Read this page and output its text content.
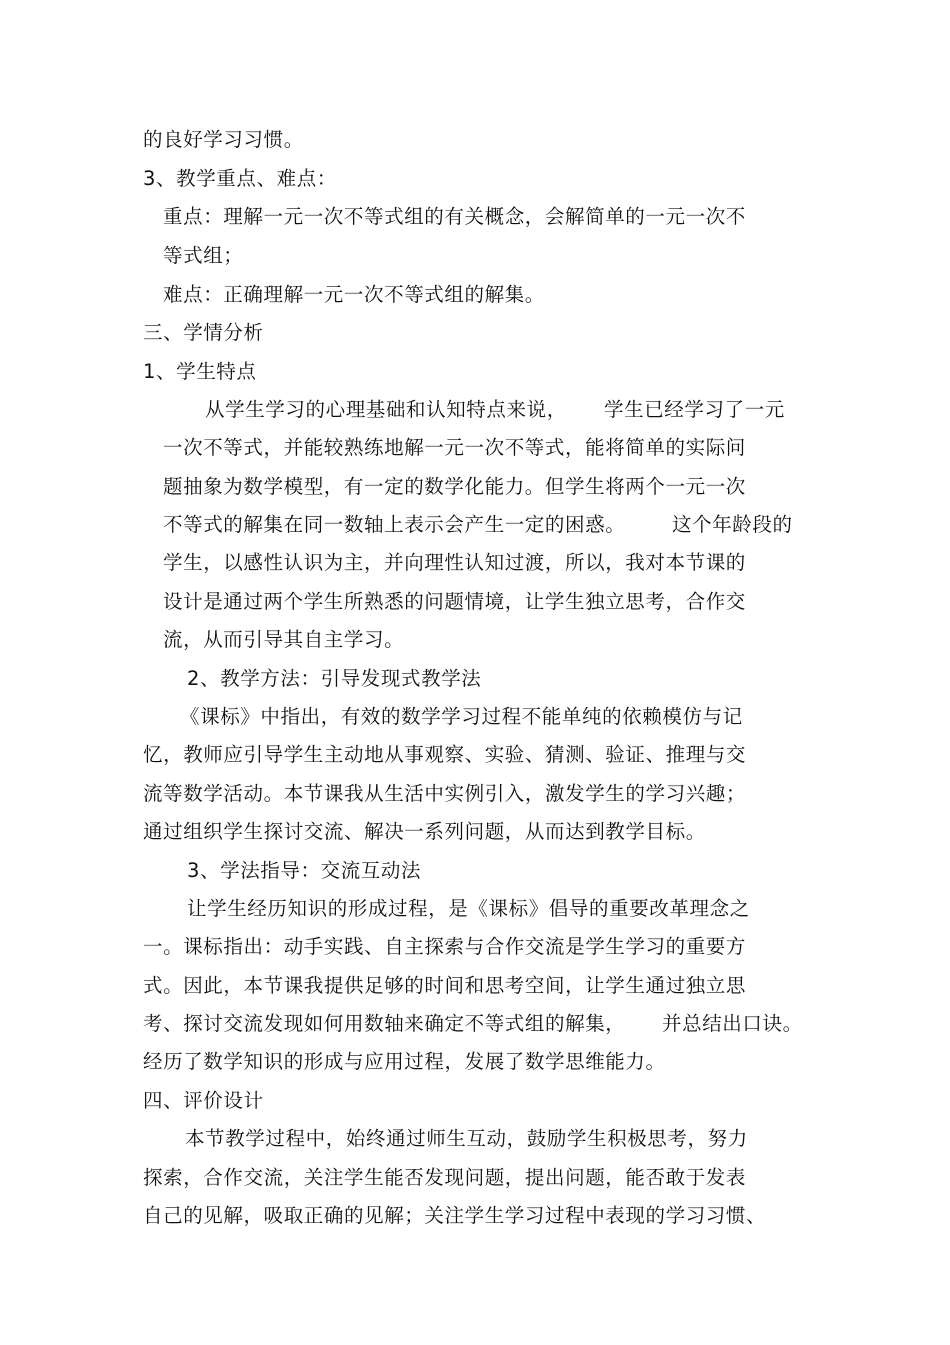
的良好学习习惯。
3、教学重点、难点：
重点：理解一元一次不等式组的有关概念，会解简单的一元一次不
等式组；
难点：正确理解一元一次不等式组的解集。
三、学情分析
1、学生特点
从学生学习的心理基础和认知特点来说， 学生已经学习了一元
一次不等式，并能较熟练地解一元一次不等式，能将简单的实际问
题抽象为数学模型，有一定的数学化能力。但学生将两个一元一次
不等式的解集在同一数轴上表示会产生一定的困惑。 这个年龄段的
学生，以感性认识为主，并向理性认知过渡，所以，我对本节课的
设计是通过两个学生所熟悉的问题情境，让学生独立思考，合作交
流，从而引导其自主学习。
2、教学方法：引导发现式教学法
《课标》中指出，有效的数学学习过程不能单纯的依赖模仿与记
忆，教师应引导学生主动地从事观察、实验、猜测、验证、推理与交
流等数学活动。本节课我从生活中实例引入，激发学生的学习兴趣；
通过组织学生探讨交流、解决一系列问题，从而达到教学目标。
3、学法指导：交流互动法
让学生经历知识的形成过程，是《课标》倡导的重要改革理念之
一。课标指出：动手实践、自主探索与合作交流是学生学习的重要方
式。因此，本节课我提供足够的时间和思考空间，让学生通过独立思
考、探讨交流发现如何用数轴来确定不等式组的解集， 并总结出口诀。
经历了数学知识的形成与应用过程，发展了数学思维能力。
四、评价设计
本节教学过程中，始终通过师生互动，鼓励学生积极思考，努力
探索，合作交流，关注学生能否发现问题，提出问题，能否敢于发表
自己的见解，吸取正确的见解；关注学生学习过程中表现的学习习惯、
